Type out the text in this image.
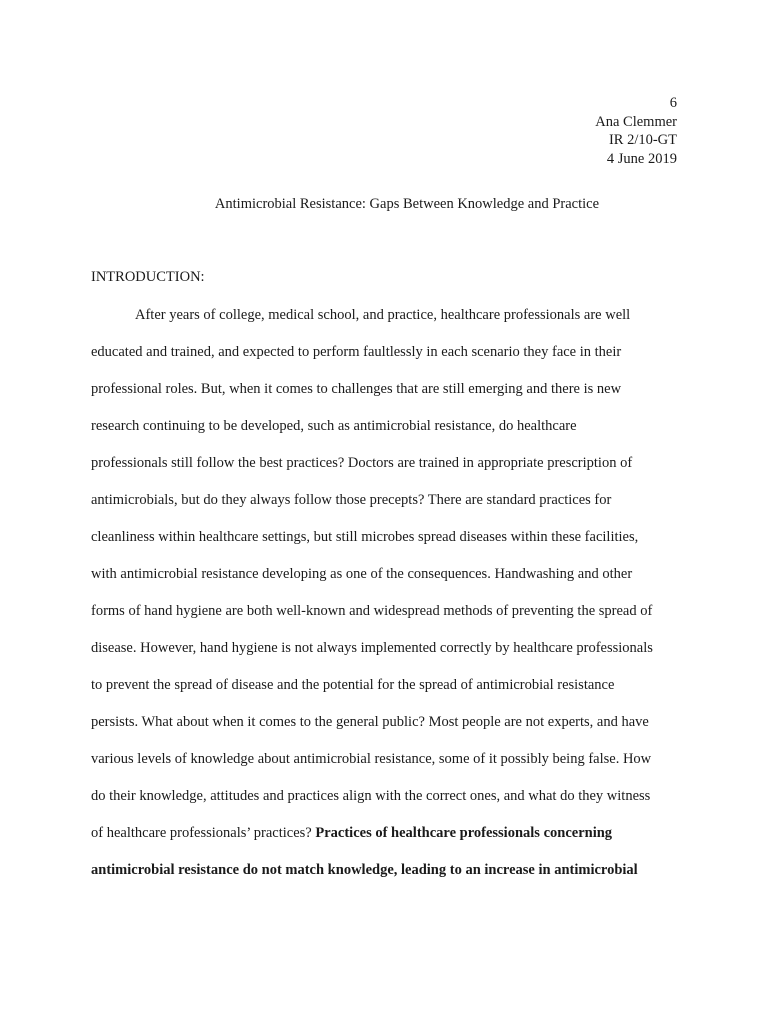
6
Ana Clemmer
IR 2/10-GT
4 June 2019
Antimicrobial Resistance: Gaps Between Knowledge and Practice
INTRODUCTION:
After years of college, medical school, and practice, healthcare professionals are well
educated and trained, and expected to perform faultlessly in each scenario they face in their
professional roles. But, when it comes to challenges that are still emerging and there is new
research continuing to be developed, such as antimicrobial resistance, do healthcare
professionals still follow the best practices? Doctors are trained in appropriate prescription of
antimicrobials, but do they always follow those precepts? There are standard practices for
cleanliness within healthcare settings, but still microbes spread diseases within these facilities,
with antimicrobial resistance developing as one of the consequences. Handwashing and other
forms of hand hygiene are both well-known and widespread methods of preventing the spread of
disease. However, hand hygiene is not always implemented correctly by healthcare professionals
to prevent the spread of disease and the potential for the spread of antimicrobial resistance
persists. What about when it comes to the general public? Most people are not experts, and have
various levels of knowledge about antimicrobial resistance, some of it possibly being false. How
do their knowledge, attitudes and practices align with the correct ones, and what do they witness
of healthcare professionals’ practices? Practices of healthcare professionals concerning
antimicrobial resistance do not match knowledge, leading to an increase in antimicrobial
